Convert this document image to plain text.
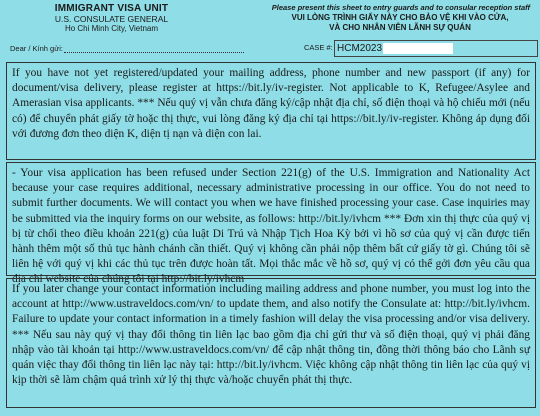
IMMIGRANT VISA UNIT
U.S. CONSULATE GENERAL
Ho Chi Minh City, Vietnam
Please present this sheet to entry guards and to consular reception staff
VUI LÒNG TRÌNH GIẤY NÀY CHO BẢO VỆ KHI VÀO CỬA,
VÀ CHO NHÂN VIÊN LÃNH SỰ QUÁN
Dear / Kính gửi:	CASE #: HCM2023

If you have not yet registered/updated your mailing address, phone number and new passport (if any) for document/visa delivery, please register at https://bit.ly/iv-register. Not applicable to K, Refugee/Asylee and Amerasian visa applicants. *** Nếu quý vị vẫn chưa đăng ký/cập nhật địa chỉ, số điện thoại và hộ chiếu mới (nếu có) để chuyển phát giấy tờ hoặc thị thực, vui lòng đăng ký địa chỉ tại https://bit.ly/iv-register. Không áp dụng đối với đương đơn theo diện K, diện tị nạn và diện con lai.

- Your visa application has been refused under Section 221(g) of the U.S. Immigration and Nationality Act because your case requires additional, necessary administrative processing in our office. You do not need to submit further documents. We will contact you when we have finished processing your case. Case inquiries may be submitted via the inquiry forms on our website, as follows: http://bit.ly/ivhcm *** Đơn xin thị thực của quý vị bị từ chối theo điều khoản 221(g) của luật Di Trú và Nhập Tịch Hoa Kỳ bởi vì hồ sơ của quý vị cần được tiến hành thêm một số thủ tục hành chánh cần thiết. Quý vị không cần phải nộp thêm bất cứ giấy tờ gì. Chúng tôi sẽ liên hệ với quý vị khi các thủ tục trên được hoàn tất. Mọi thắc mắc về hồ sơ, quý vị có thể gởi đơn yêu cầu qua địa chỉ website của chúng tôi tại http://bit.ly/ivhcm

If you later change your contact information including mailing address and phone number, you must log into the account at http://www.ustraveldocs.com/vn/ to update them, and also notify the Consulate at: http://bit.ly/ivhcm. Failure to update your contact information in a timely fashion will delay the visa processing and/or visa delivery. *** Nếu sau này quý vị thay đổi thông tin liên lạc bao gồm địa chỉ gửi thư và số điện thoại, quý vị phải đăng nhập vào tài khoản tại http://www.ustraveldocs.com/vn/ để cập nhật thông tin, đồng thời thông báo cho Lãnh sự quán việc thay đổi thông tin liên lạc này tại: http://bit.ly/ivhcm. Việc không cập nhật thông tin liên lạc của quý vị kịp thời sẽ làm chậm quá trình xử lý thị thực và/hoặc chuyển phát thị thực.
